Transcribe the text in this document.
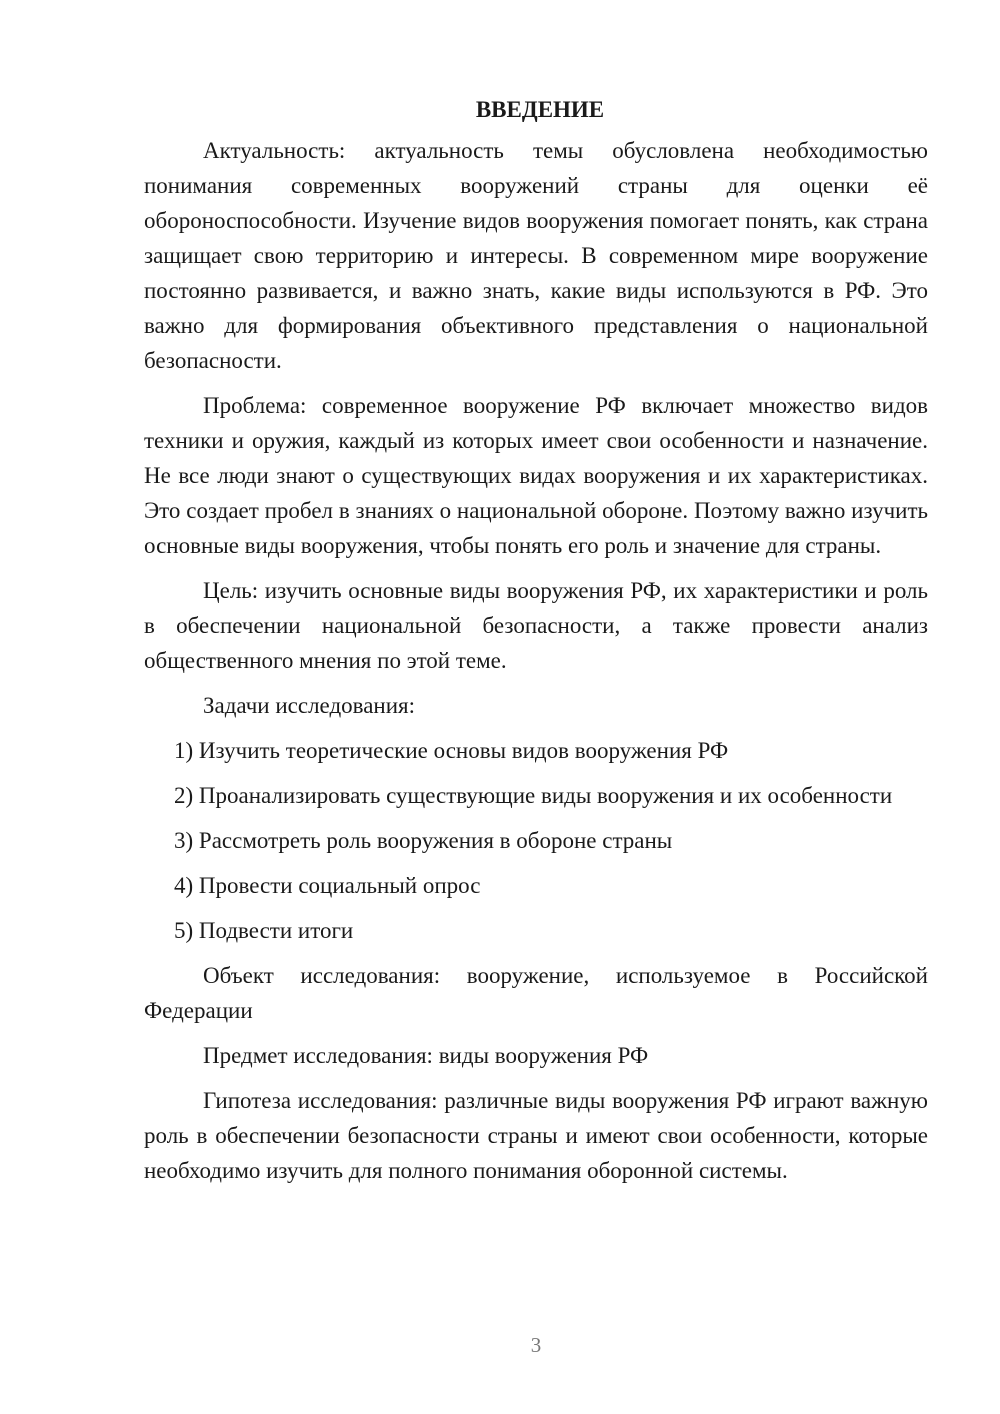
ВВЕДЕНИЕ

Актуальность: актуальность темы обусловлена необходимостью понимания современных вооружений страны для оценки её обороноспособности. Изучение видов вооружения помогает понять, как страна защищает свою территорию и интересы. В современном мире вооружение постоянно развивается, и важно знать, какие виды используются в РФ. Это важно для формирования объективного представления о национальной безопасности.

Проблема: современное вооружение РФ включает множество видов техники и оружия, каждый из которых имеет свои особенности и назначение. Не все люди знают о существующих видах вооружения и их характеристиках. Это создает пробел в знаниях о национальной обороне. Поэтому важно изучить основные виды вооружения, чтобы понять его роль и значение для страны.

Цель: изучить основные виды вооружения РФ, их характеристики и роль в обеспечении национальной безопасности, а также провести анализ общественного мнения по этой теме.

Задачи исследования:

1) Изучить теоретические основы видов вооружения РФ

2) Проанализировать существующие виды вооружения и их особенности

3) Рассмотреть роль вооружения в обороне страны

4) Провести социальный опрос

5) Подвести итоги

Объект исследования: вооружение, используемое в Российской Федерации

Предмет исследования: виды вооружения РФ

Гипотеза исследования: различные виды вооружения РФ играют важную роль в обеспечении безопасности страны и имеют свои особенности, которые необходимо изучить для полного понимания оборонной системы.

3
